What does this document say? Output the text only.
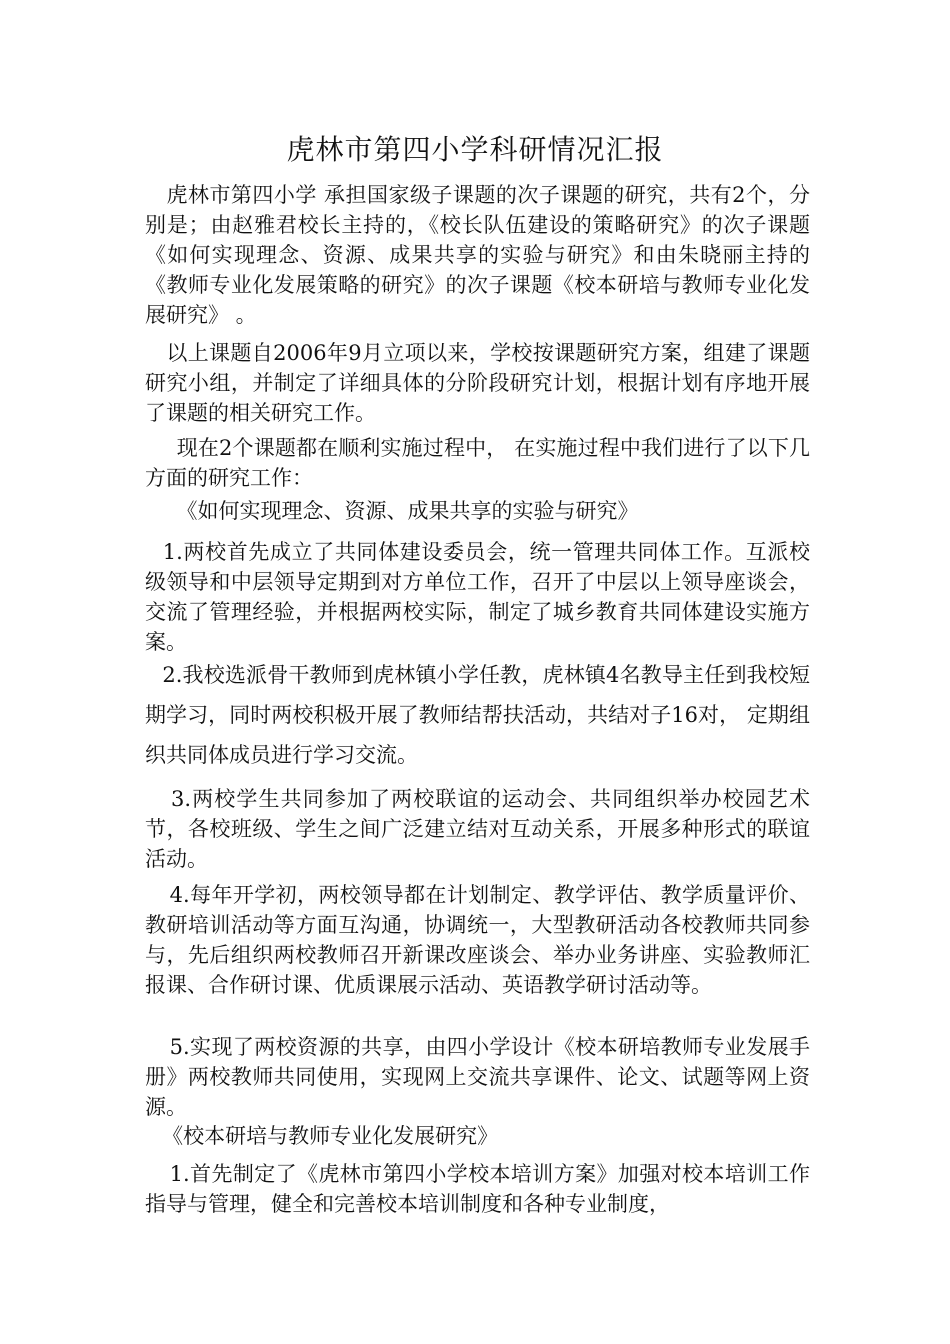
虎林市第四小学科研情况汇报

　虎林市第四小学 承担国家级子课题的次子课题的研究，共有2个，分别是；由赵雅君校长主持的，《校长队伍建设的策略研究》的次子课题《如何实现理念、资源、成果共享的实验与研究》和由朱晓丽主持的《教师专业化发展策略的研究》的次子课题《校本研培与教师专业化发展研究》 。

　以上课题自2006年9月立项以来，学校按课题研究方案，组建了课题研究小组，并制定了详细具体的分阶段研究计划，根据计划有序地开展了课题的相关研究工作。

　 现在2个课题都在顺利实施过程中， 在实施过程中我们进行了以下几方面的研究工作：

　 《如何实现理念、资源、成果共享的实验与研究》

  1.两校首先成立了共同体建设委员会，统一管理共同体工作。互派校级领导和中层领导定期到对方单位工作，召开了中层以上领导座谈会，交流了管理经验，并根据两校实际，制定了城乡教育共同体建设实施方案。

  2.我校选派骨干教师到虎林镇小学任教，虎林镇4名教导主任到我校短期学习，同时两校积极开展了教师结帮扶活动，共结对子16对， 定期组织共同体成员进行学习交流。

   3.两校学生共同参加了两校联谊的运动会、共同组织举办校园艺术节，各校班级、学生之间广泛建立结对互动关系，开展多种形式的联谊活动。

   4.每年开学初，两校领导都在计划制定、教学评估、教学质量评价、教研培训活动等方面互沟通，协调统一，大型教研活动各校教师共同参与，先后组织两校教师召开新课改座谈会、举办业务讲座、实验教师汇报课、合作研讨课、优质课展示活动、英语教学研讨活动等。

   5.实现了两校资源的共享，由四小学设计《校本研培教师专业发展手册》两校教师共同使用，实现网上交流共享课件、论文、试题等网上资源。

  《校本研培与教师专业化发展研究》

   1.首先制定了《虎林市第四小学校本培训方案》加强对校本培训工作指导与管理，健全和完善校本培训制度和各种专业制度，
